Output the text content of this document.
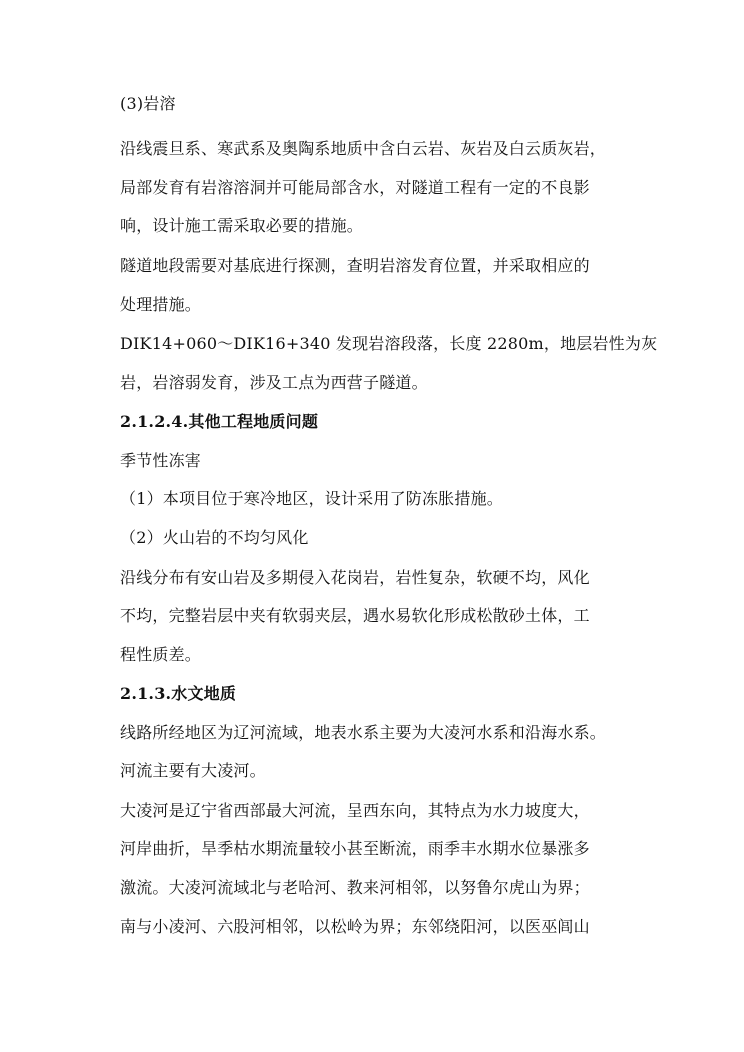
(3)岩溶
沿线震旦系、寒武系及奥陶系地质中含白云岩、灰岩及白云质灰岩，
局部发育有岩溶溶洞并可能局部含水，对隧道工程有一定的不良影
响，设计施工需采取必要的措施。
隧道地段需要对基底进行探测，查明岩溶发育位置，并采取相应的
处理措施。
DIK14+060～DIK16+340 发现岩溶段落，长度 2280m，地层岩性为灰
岩，岩溶弱发育，涉及工点为西营子隧道。
2.1.2.4.其他工程地质问题
季节性冻害
（1）本项目位于寒冷地区，设计采用了防冻胀措施。
（2）火山岩的不均匀风化
沿线分布有安山岩及多期侵入花岗岩，岩性复杂，软硬不均，风化
不均，完整岩层中夹有软弱夹层，遇水易软化形成松散砂土体，工
程性质差。
2.1.3.水文地质
线路所经地区为辽河流域，地表水系主要为大凌河水系和沿海水系。
河流主要有大凌河。
大凌河是辽宁省西部最大河流，呈西东向，其特点为水力坡度大，
河岸曲折，旱季枯水期流量较小甚至断流，雨季丰水期水位暴涨多
激流。大凌河流域北与老哈河、教来河相邻，以努鲁尔虎山为界；
南与小凌河、六股河相邻，以松岭为界；东邻绕阳河，以医巫闾山
